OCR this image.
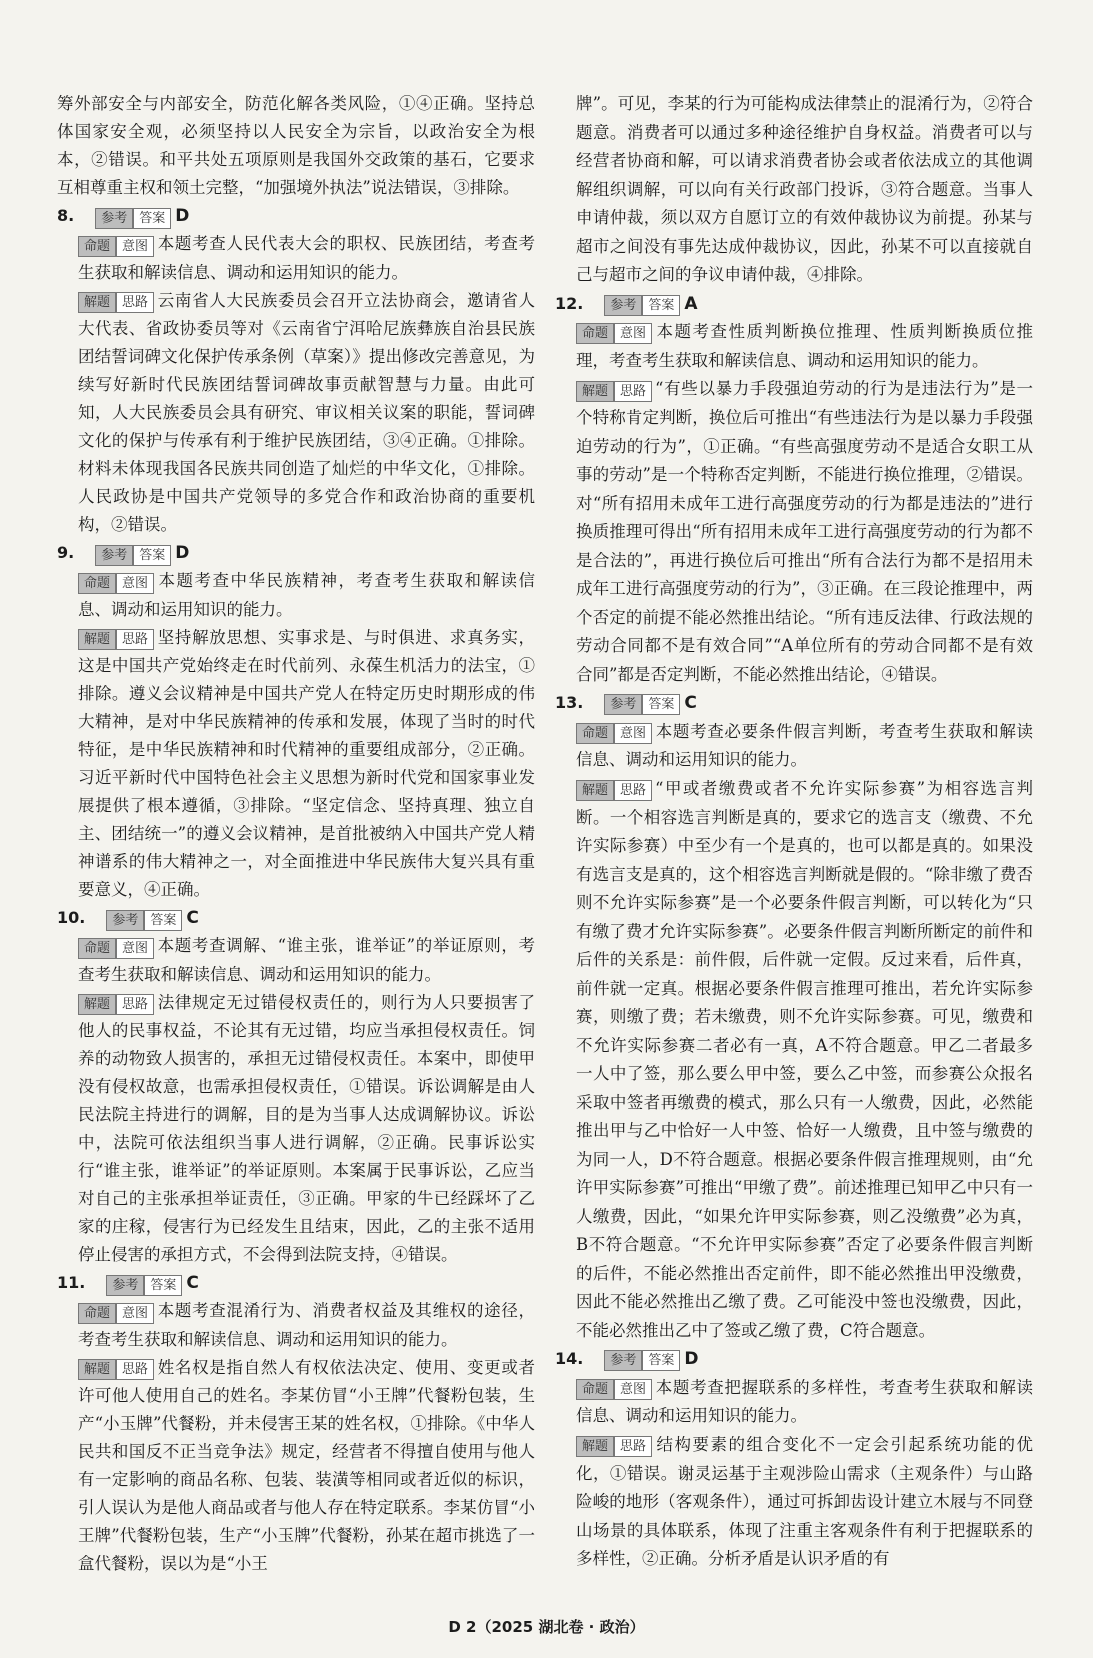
筹外部安全与内部安全，防范化解各类风险，①④正确。坚持总体国家安全观，必须坚持以人民安全为宗旨，以政治安全为根本，②错误。和平共处五项原则是我国外交政策的基石，它要求互相尊重主权和领土完整，“加强境外执法”说法错误，③排除。

8. 参考 答案 D

命题 意图 本题考查人民代表大会的职权、民族团结，考查考生获取和解读信息、调动和运用知识的能力。

解题 思路 云南省人大民族委员会召开立法协商会，邀请省人大代表、省政协委员等对《云南省宁洱哈尼族彝族自治县民族团结誓词碑文化保护传承条例（草案）》提出修改完善意见，为续写好新时代民族团结誓词碑故事贡献智慧与力量。由此可知，人大民族委员会具有研究、审议相关议案的职能，誓词碑文化的保护与传承有利于维护民族团结，③④正确。①排除。材料未体现我国各民族共同创造了灿烂的中华文化，①排除。人民政协是中国共产党领导的多党合作和政治协商的重要机构，②错误。

9. 参考 答案 D

命题 意图 本题考查中华民族精神，考查考生获取和解读信息、调动和运用知识的能力。

解题 思路 坚持解放思想、实事求是、与时俱进、求真务实，这是中国共产党始终走在时代前列、永葆生机活力的法宝，①排除。遵义会议精神是中国共产党人在特定历史时期形成的伟大精神，是对中华民族精神的传承和发展，体现了当时的时代特征，是中华民族精神和时代精神的重要组成部分，②正确。习近平新时代中国特色社会主义思想为新时代党和国家事业发展提供了根本遵循，③排除。“坚定信念、坚持真理、独立自主、团结统一”的遵义会议精神，是首批被纳入中国共产党人精神谱系的伟大精神之一，对全面推进中华民族伟大复兴具有重要意义，④正确。

10. 参考 答案 C

命题 意图 本题考查调解、“谁主张，谁举证”的举证原则，考查考生获取和解读信息、调动和运用知识的能力。

解题 思路 法律规定无过错侵权责任的，则行为人只要损害了他人的民事权益，不论其有无过错，均应当承担侵权责任。饲养的动物致人损害的，承担无过错侵权责任。本案中，即使甲没有侵权故意，也需承担侵权责任，①错误。诉讼调解是由人民法院主持进行的调解，目的是为当事人达成调解协议。诉讼中，法院可依法组织当事人进行调解，②正确。民事诉讼实行“谁主张，谁举证”的举证原则。本案属于民事诉讼，乙应当对自己的主张承担举证责任，③正确。甲家的牛已经踩坏了乙家的庄稼，侵害行为已经发生且结束，因此，乙的主张不适用停止侵害的承担方式，不会得到法院支持，④错误。

11. 参考 答案 C

命题 意图 本题考查混淆行为、消费者权益及其维权的途径，考查考生获取和解读信息、调动和运用知识的能力。

解题 思路 姓名权是指自然人有权依法决定、使用、变更或者许可他人使用自己的姓名。李某仿冒“小王牌”代餐粉包装，生产“小玉牌”代餐粉，并未侵害王某的姓名权，①排除。《中华人民共和国反不正当竞争法》规定，经营者不得擅自使用与他人有一定影响的商品名称、包装、装潢等相同或者近似的标识，引人误认为是他人商品或者与他人存在特定联系。李某仿冒“小王牌”代餐粉包装，生产“小玉牌”代餐粉，孙某在超市挑选了一盒代餐粉，误以为是“小王

牌”。可见，李某的行为可能构成法律禁止的混淆行为，②符合题意。消费者可以通过多种途径维护自身权益。消费者可以与经营者协商和解，可以请求消费者协会或者依法成立的其他调解组织调解，可以向有关行政部门投诉，③符合题意。当事人申请仲裁，须以双方自愿订立的有效仲裁协议为前提。孙某与超市之间没有事先达成仲裁协议，因此，孙某不可以直接就自己与超市之间的争议申请仲裁，④排除。

12. 参考 答案 A

命题 意图 本题考查性质判断换位推理、性质判断换质位推理，考查考生获取和解读信息、调动和运用知识的能力。

解题 思路 “有些以暴力手段强迫劳动的行为是违法行为”是一个特称肯定判断，换位后可推出“有些违法行为是以暴力手段强迫劳动的行为”，①正确。“有些高强度劳动不是适合女职工从事的劳动”是一个特称否定判断，不能进行换位推理，②错误。对“所有招用未成年工进行高强度劳动的行为都是违法的”进行换质推理可得出“所有招用未成年工进行高强度劳动的行为都不是合法的”，再进行换位后可推出“所有合法行为都不是招用未成年工进行高强度劳动的行为”，③正确。在三段论推理中，两个否定的前提不能必然推出结论。“所有违反法律、行政法规的劳动合同都不是有效合同”“A单位所有的劳动合同都不是有效合同”都是否定判断，不能必然推出结论，④错误。

13. 参考 答案 C

命题 意图 本题考查必要条件假言判断，考查考生获取和解读信息、调动和运用知识的能力。

解题 思路 “甲或者缴费或者不允许实际参赛”为相容选言判断。一个相容选言判断是真的，要求它的选言支（缴费、不允许实际参赛）中至少有一个是真的，也可以都是真的。如果没有选言支是真的，这个相容选言判断就是假的。“除非缴了费否则不允许实际参赛”是一个必要条件假言判断，可以转化为“只有缴了费才允许实际参赛”。必要条件假言判断所断定的前件和后件的关系是：前件假，后件就一定假。反过来看，后件真，前件就一定真。根据必要条件假言推理可推出，若允许实际参赛，则缴了费；若未缴费，则不允许实际参赛。可见，缴费和不允许实际参赛二者必有一真，A不符合题意。甲乙二者最多一人中了签，那么要么甲中签，要么乙中签，而参赛公众报名采取中签者再缴费的模式，那么只有一人缴费，因此，必然能推出甲与乙中恰好一人中签、恰好一人缴费，且中签与缴费的为同一人，D不符合题意。根据必要条件假言推理规则，由“允许甲实际参赛”可推出“甲缴了费”。前述推理已知甲乙中只有一人缴费，因此，“如果允许甲实际参赛，则乙没缴费”必为真，B不符合题意。“不允许甲实际参赛”否定了必要条件假言判断的后件，不能必然推出否定前件，即不能必然推出甲没缴费，因此不能必然推出乙缴了费。乙可能没中签也没缴费，因此，不能必然推出乙中了签或乙缴了费，C符合题意。

14. 参考 答案 D

命题 意图 本题考查把握联系的多样性，考查考生获取和解读信息、调动和运用知识的能力。

解题 思路 结构要素的组合变化不一定会引起系统功能的优化，①错误。谢灵运基于主观涉险山需求（主观条件）与山路险峻的地形（客观条件），通过可拆卸齿设计建立木屐与不同登山场景的具体联系，体现了注重主客观条件有利于把握联系的多样性，②正确。分析矛盾是认识矛盾的有

D 2（2025 湖北卷 · 政治）
